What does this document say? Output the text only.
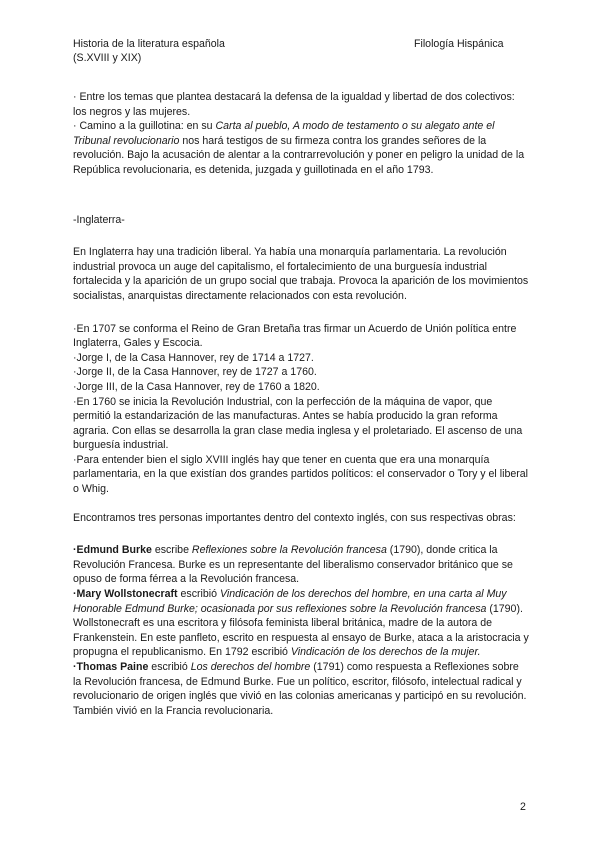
Historia de la literatura española
(S.XVIII y XIX)
Filología Hispánica

· Entre los temas que plantea destacará la defensa de la igualdad y libertad de dos colectivos: los negros y las mujeres.

· Camino a la guillotina: en su Carta al pueblo, A modo de testamento o su alegato ante el Tribunal revolucionario nos hará testigos de su firmeza contra los grandes señores de la revolución. Bajo la acusación de alentar a la contrarrevolución y poner en peligro la unidad de la República revolucionaria, es detenida, juzgada y guillotinada en el año 1793.

-Inglaterra-

En Inglaterra hay una tradición liberal. Ya había una monarquía parlamentaria. La revolución industrial provoca un auge del capitalismo, el fortalecimiento de una burguesía industrial fortalecida y la aparición de un grupo social que trabaja. Provoca la aparición de los movimientos socialistas, anarquistas directamente relacionados con esta revolución.

·En 1707 se conforma el Reino de Gran Bretaña tras firmar un Acuerdo de Unión política entre Inglaterra, Gales y Escocia.

·Jorge I, de la Casa Hannover, rey de 1714 a 1727.

·Jorge II, de la Casa Hannover, rey de 1727 a 1760.

·Jorge III, de la Casa Hannover, rey de 1760 a 1820.

·En 1760 se inicia la Revolución Industrial, con la perfección de la máquina de vapor, que permitió la estandarización de las manufacturas. Antes se había producido la gran reforma agraria. Con ellas se desarrolla la gran clase media inglesa y el proletariado. El ascenso de una burguesía industrial.

·Para entender bien el siglo XVIII inglés hay que tener en cuenta que era una monarquía parlamentaria, en la que existían dos grandes partidos políticos: el conservador o Tory y el liberal o Whig.

Encontramos tres personas importantes dentro del contexto inglés, con sus respectivas obras:

·Edmund Burke escribe Reflexiones sobre la Revolución francesa (1790), donde critica la Revolución Francesa. Burke es un representante del liberalismo conservador británico que se opuso de forma férrea a la Revolución francesa.

·Mary Wollstonecraft escribió Vindicación de los derechos del hombre, en una carta al Muy Honorable Edmund Burke; ocasionada por sus reflexiones sobre la Revolución francesa (1790). Wollstonecraft es una escritora y filósofa feminista liberal británica, madre de la autora de Frankenstein. En este panfleto, escrito en respuesta al ensayo de Burke, ataca a la aristocracia y propugna el republicanismo. En 1792 escribió Vindicación de los derechos de la mujer.

·Thomas Paine escribió Los derechos del hombre (1791) como respuesta a Reflexiones sobre la Revolución francesa, de Edmund Burke. Fue un político, escritor, filósofo, intelectual radical y revolucionario de origen inglés que vivió en las colonias americanas y participó en su revolución. También vivió en la Francia revolucionaria.

2
